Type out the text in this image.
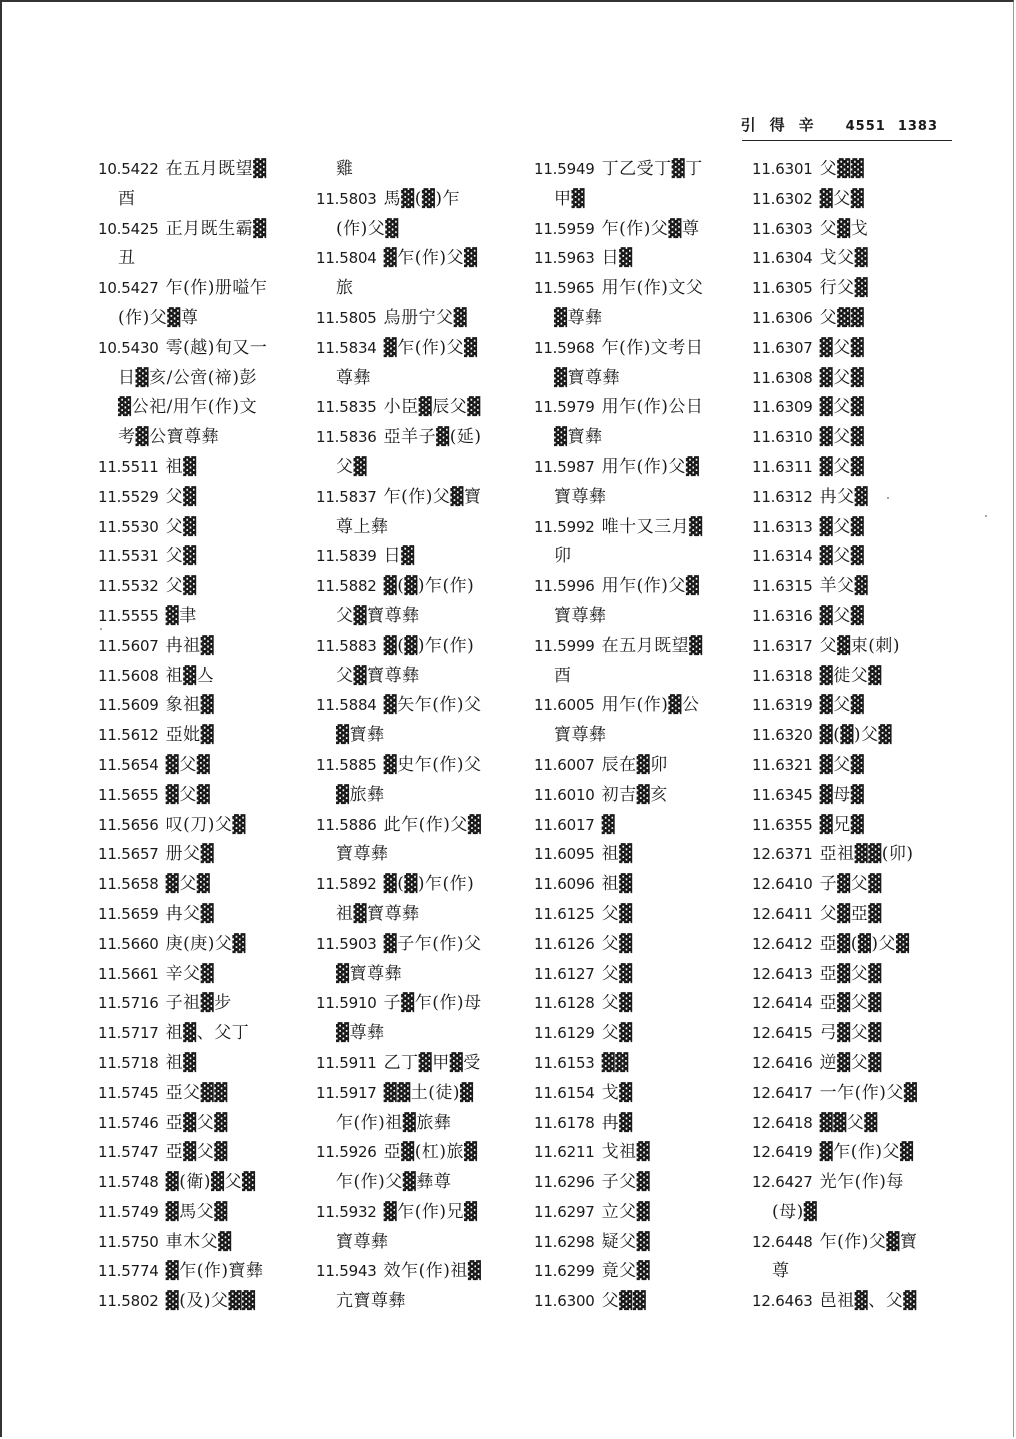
引得辛 4551 1383
10.5422 在五月既望▓
酉
10.5425 正月既生霸▓
丑
10.5427 乍(作)册嗌乍
(作)父▓尊
10.5430 雩(越)旬又一
日▓亥/公啻(禘)彭
▓公祀/用乍(作)文
考▓公寶尊彝
11.5511 祖▓
11.5529 父▓
11.5530 父▓
11.5531 父▓
11.5532 父▓
11.5555 ▓聿
11.5607 冉祖▓
11.5608 祖▓亼
11.5609 象祖▓
11.5612 亞妣▓
11.5654 ▓父▓
11.5655 ▓父▓
11.5656 叹(刀)父▓
11.5657 册父▓
11.5658 ▓父▓
11.5659 冉父▓
11.5660 庚(庚)父▓
11.5661 辛父▓
11.5716 子祖▓步
11.5717 祖▓、父丁
11.5718 祖▓
11.5745 亞父▓▓
11.5746 亞▓父▓
11.5747 亞▓父▓
11.5748 ▓(衛)▓父▓
11.5749 ▓馬父▓
11.5750 車木父▓
11.5774 ▓乍(作)寶彝
11.5802 ▓(及)父▓▓
雞
11.5803 馬▓(▓)乍
(作)父▓
11.5804 ▓乍(作)父▓
旅
11.5805 烏册宁父▓
11.5834 ▓乍(作)父▓
尊彝
11.5835 小臣▓辰父▓
11.5836 亞羊子▓(延)
父▓
11.5837 乍(作)父▓寶
尊上彝
11.5839 日▓
11.5882 ▓(▓)乍(作)
父▓寶尊彝
11.5883 ▓(▓)乍(作)
父▓寶尊彝
11.5884 ▓矢乍(作)父
▓寶彝
11.5885 ▓史乍(作)父
▓旅彝
11.5886 此乍(作)父▓
寶尊彝
11.5892 ▓(▓)乍(作)
祖▓寶尊彝
11.5903 ▓子乍(作)父
▓寶尊彝
11.5910 子▓乍(作)母
▓尊彝
11.5911 乙丁▓甲▓受
11.5917 ▓▓土(徒)▓
乍(作)祖▓旅彝
11.5926 亞▓(杠)旅▓
乍(作)父▓彝尊
11.5932 ▓乍(作)兄▓
寶尊彝
11.5943 效乍(作)祖▓
亢寶尊彝
11.5949 丁乙受丁▓丁
甲▓
11.5959 乍(作)父▓尊
11.5963 日▓
11.5965 用乍(作)文父
▓尊彝
11.5968 乍(作)文考日
▓寶尊彝
11.5979 用乍(作)公日
▓寶彝
11.5987 用乍(作)父▓
寶尊彝
11.5992 唯十又三月▓
卯
11.5996 用乍(作)父▓
寶尊彝
11.5999 在五月既望▓
酉
11.6005 用乍(作)▓公
寶尊彝
11.6007 辰在▓卯
11.6010 初吉▓亥
11.6017 ▓
11.6095 祖▓
11.6096 祖▓
11.6125 父▓
11.6126 父▓
11.6127 父▓
11.6128 父▓
11.6129 父▓
11.6153 ▓▓
11.6154 戈▓
11.6178 冉▓
11.6211 戈祖▓
11.6296 子父▓
11.6297 立父▓
11.6298 疑父▓
11.6299 竟父▓
11.6300 父▓▓
11.6301 父▓▓
11.6302 ▓父▓
11.6303 父▓戈
11.6304 戈父▓
11.6305 行父▓
11.6306 父▓▓
11.6307 ▓父▓
11.6308 ▓父▓
11.6309 ▓父▓
11.6310 ▓父▓
11.6311 ▓父▓
11.6312 冉父▓
11.6313 ▓父▓
11.6314 ▓父▓
11.6315 羊父▓
11.6316 ▓父▓
11.6317 父▓束(刺)
11.6318 ▓徙父▓
11.6319 ▓父▓
11.6320 ▓(▓)父▓
11.6321 ▓父▓
11.6345 ▓母▓
11.6355 ▓兄▓
12.6371 亞祖▓▓(卯)
12.6410 子▓父▓
12.6411 父▓亞▓
12.6412 亞▓(▓)父▓
12.6413 亞▓父▓
12.6414 亞▓父▓
12.6415 弓▓父▓
12.6416 逆▓父▓
12.6417 一乍(作)父▓
12.6418 ▓▓父▓
12.6419 ▓乍(作)父▓
12.6427 光乍(作)每
(母)▓
12.6448 乍(作)父▓寶
尊
12.6463 邑祖▓、父▓
